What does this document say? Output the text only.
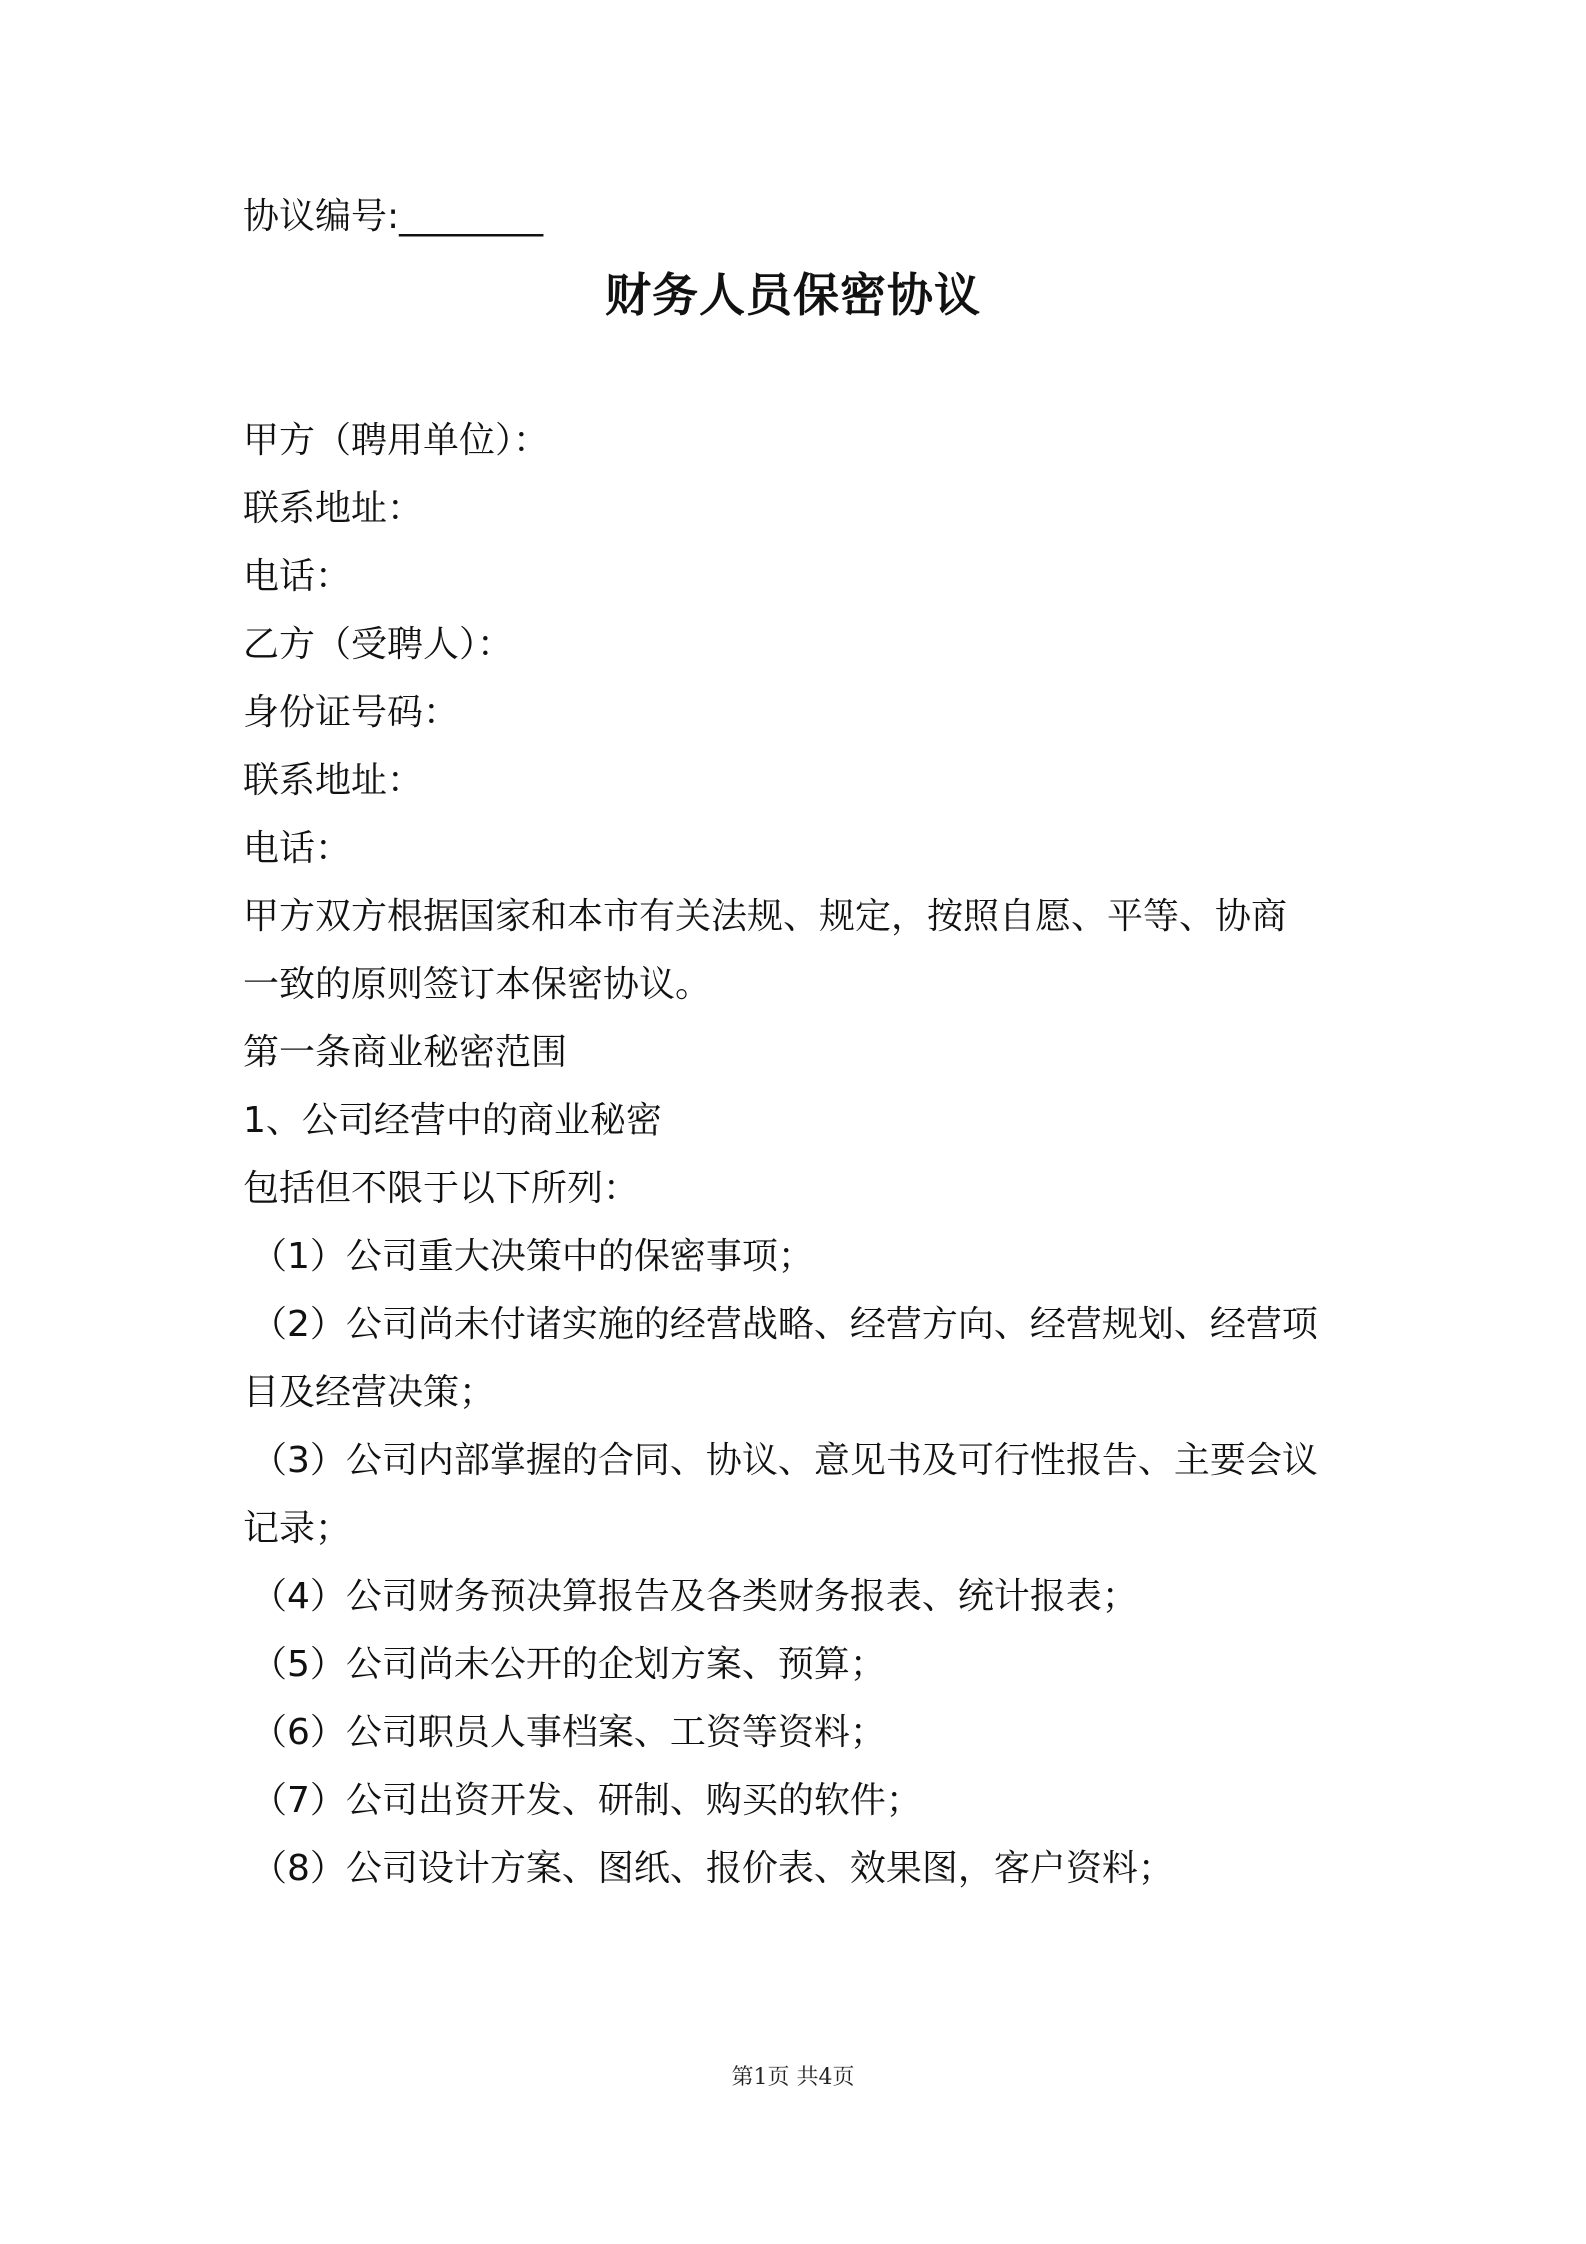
协议编号:________
财务人员保密协议
甲方（聘用单位）：
联系地址：
电话：
乙方（受聘人）：
身份证号码：
联系地址：
电话：
甲方双方根据国家和本市有关法规、规定，按照自愿、平等、协商
一致的原则签订本保密协议。
第一条商业秘密范围
1、公司经营中的商业秘密
包括但不限于以下所列：
（1）公司重大决策中的保密事项；
（2）公司尚未付诸实施的经营战略、经营方向、经营规划、经营项
目及经营决策；
（3）公司内部掌握的合同、协议、意见书及可行性报告、主要会议
记录；
（4）公司财务预决算报告及各类财务报表、统计报表；
（5）公司尚未公开的企划方案、预算；
（6）公司职员人事档案、工资等资料；
（7）公司出资开发、研制、购买的软件；
（8）公司设计方案、图纸、报价表、效果图，客户资料；
第1页 共4页
